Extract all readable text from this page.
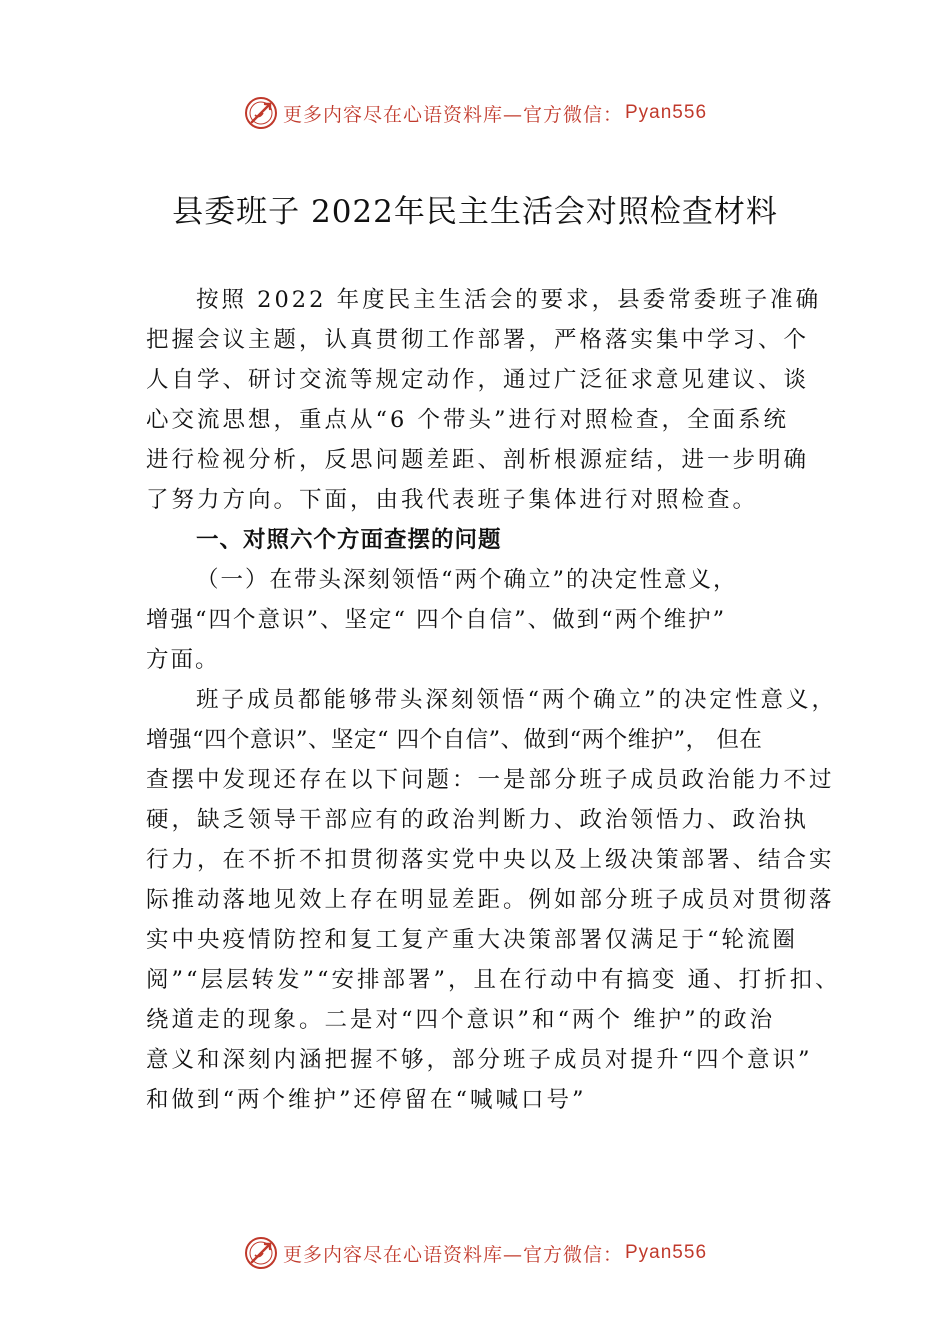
更多内容尽在心语资料库—官方微信： Pyan556
县委班子 2022年民主生活会对照检查材料
按照 2022 年度民主生活会的要求，县委常委班子准确
把握会议主题，认真贯彻工作部署，严格落实集中学习、个
人自学、研讨交流等规定动作，通过广泛征求意见建议、谈
心交流思想，重点从“6 个带头”进行对照检查，全面系统
进行检视分析，反思问题差距、剖析根源症结，进一步明确
了努力方向。下面，由我代表班子集体进行对照检查。
一、对照六个方面查摆的问题
（一）在带头深刻领悟“两个确立”的决定性意义，
增强“四个意识”、坚定“ 四个自信”、做到“两个维护”
方面。
班子成员都能够带头深刻领悟“两个确立”的决定性意义，
增强“四个意识”、坚定“ 四个自信”、做到“两个维护”， 但在
查摆中发现还存在以下问题：一是部分班子成员政治能力不过
硬，缺乏领导干部应有的政治判断力、政治领悟力、政治执
行力，在不折不扣贯彻落实党中央以及上级决策部署、结合实
际推动落地见效上存在明显差距。例如部分班子成员对贯彻落
实中央疫情防控和复工复产重大决策部署仅满足于“轮流圈
阅”“层层转发”“安排部署”，且在行动中有搞变 通、打折扣、
绕道走的现象。二是对“四个意识”和“两个 维护”的政治
意义和深刻内涵把握不够，部分班子成员对提升“四个意识”
和做到“两个维护”还停留在“喊喊口号”
更多内容尽在心语资料库—官方微信： Pyan556
